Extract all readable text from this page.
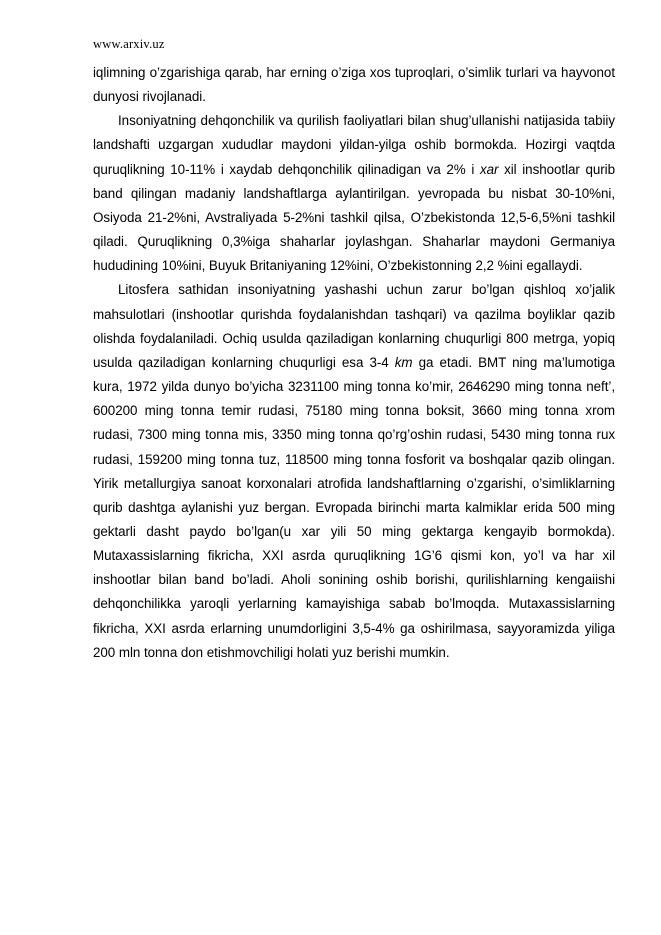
www.arxiv.uz

iqlimning o’zgarishiga qarab, har erning o’ziga xos tuproqlari, o’simlik turlari va hayvonot dunyosi rivojlanadi.

Insoniyatning dehqonchilik va qurilish faoliyatlari bilan shug’ullanishi natijasida tabiiy landshafti uzgargan xududlar maydoni yildan-yilga oshib bormokda. Hozirgi vaqtda quruqlikning 10-11% i xaydab dehqonchilik qilinadigan va 2% i xar xil inshootlar qurib band qilingan madaniy landshaftlarga aylantirilgan. yevropada bu nisbat 30-10%ni, Osiyoda 21-2%ni, Avstraliyada 5-2%ni tashkil qilsa, O’zbekistonda 12,5-6,5%ni tashkil qiladi. Quruqlikning 0,3%iga shaharlar joylashgan. Shaharlar maydoni Germaniya hududining 10%ini, Buyuk Britaniyaning 12%ini, O’zbekistonning 2,2 %ini egallaydi.

Litosfera sathidan insoniyatning yashashi uchun zarur bo’lgan qishloq xo’jalik mahsulotlari (inshootlar qurishda foydalanishdan tashqari) va qazilma boyliklar qazib olishda foydalaniladi. Ochiq usulda qaziladigan konlarning chuqurligi 800 metrga, yopiq usulda qaziladigan konlarning chuqurligi esa 3-4 km ga etadi. BMT ning ma’lumotiga kura, 1972 yilda dunyo bo’yicha 3231100 ming tonna ko’mir, 2646290 ming tonna neft’, 600200 ming tonna temir rudasi, 75180 ming tonna boksit, 3660 ming tonna xrom rudasi, 7300 ming tonna mis, 3350 ming tonna qo’rg’oshin rudasi, 5430 ming tonna rux rudasi, 159200 ming tonna tuz, 118500 ming tonna fosforit va boshqalar qazib olingan. Yirik metallurgiya sanoat korxonalari atrofida landshaftlarning o’zgarishi, o’simliklarning qurib dashtga aylanishi yuz bergan. Evropada birinchi marta kalmiklar erida 500 ming gektarli dasht paydo bo’lgan(u xar yili 50 ming gektarga kengayib bormokda). Mutaxassislarning fikricha, XXI asrda quruqlikning 1G’6 qismi kon, yo’l va har xil inshootlar bilan band bo’ladi. Aholi sonining oshib borishi, qurilishlarning kengaiishi dehqonchilikka yaroqli yerlarning kamayishiga sabab bo’lmoqda. Mutaxassislarning fikricha, XXI asrda erlarning unumdorligini 3,5-4% ga oshirilmasa, sayyoramizda yiliga 200 mln tonna don etishmovchiligi holati yuz berishi mumkin.
